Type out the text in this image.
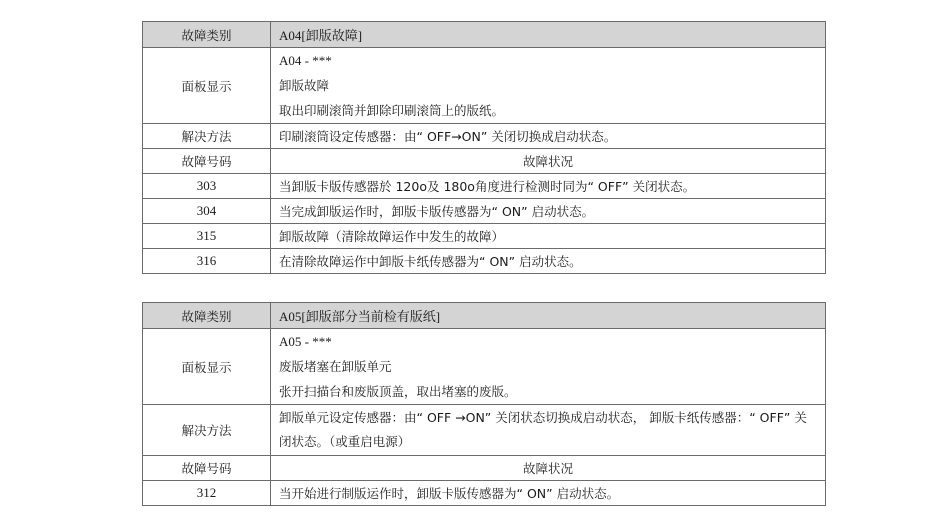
故障类别	A04[卸版故障]
面板显示	A04 - ***
卸版故障
取出印刷滚筒并卸除印刷滚筒上的版纸。

解决方法	印刷滚筒设定传感器：由“ OFF→ON” 关闭切换成启动状态。
故障号码	故障状况
303	当卸版卡版传感器於 120o及 180o角度进行检测时同为“ OFF” 关闭状态。
304	当完成卸版运作时，卸版卡版传感器为“ ON” 启动状态。
315	卸版故障（清除故障运作中发生的故障）
316	在清除故障运作中卸版卡纸传感器为“ ON” 启动状态。
故障类别	A05[卸版部分当前检有版纸]
面板显示	A05 - ***
废版堵塞在卸版单元
张开扫描台和废版顶盖，取出堵塞的废版。

解决方法	卸版单元设定传感器：由“ OFF →ON” 关闭状态切换成启动状态， 卸版卡纸传感器：“ OFF” 关闭状态。（或重启电源）
故障号码	故障状况
312	当开始进行制版运作时，卸版卡版传感器为“ ON” 启动状态。
